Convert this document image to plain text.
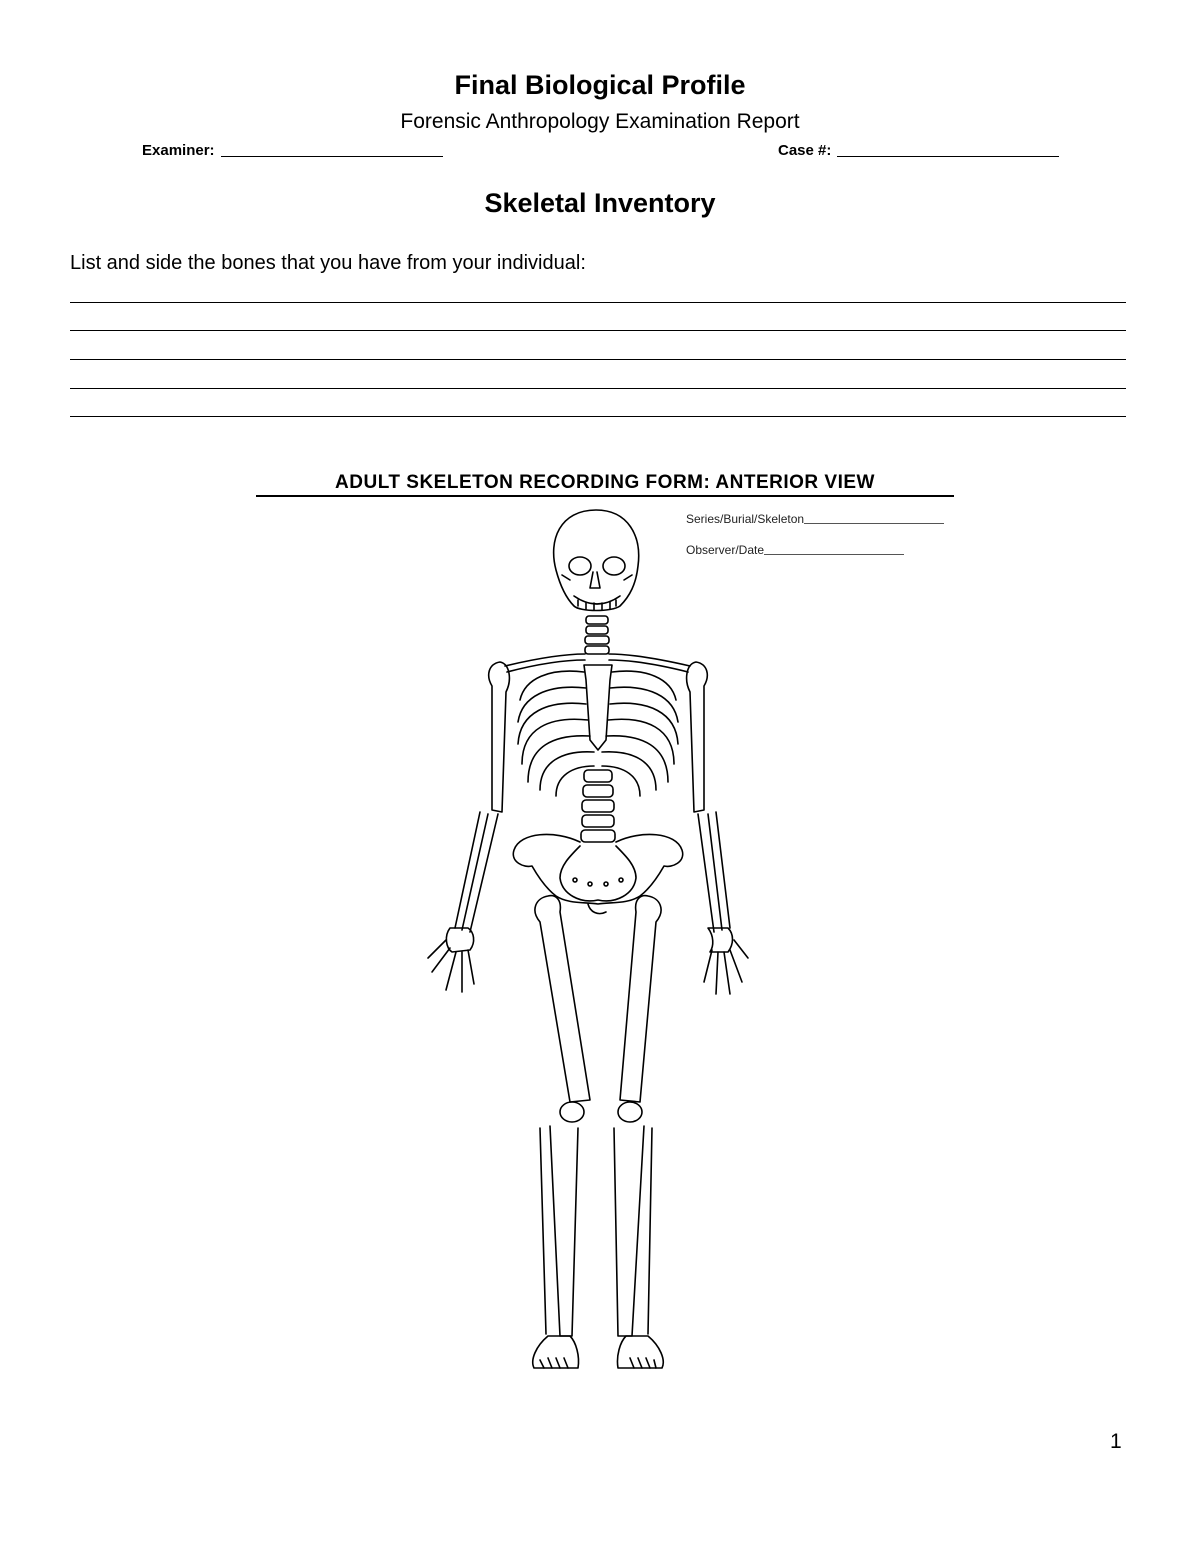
Final Biological Profile
Forensic Anthropology Examination Report
Examiner:	Case #:
Skeletal Inventory
List and side the bones that you have from your individual:
ADULT SKELETON RECORDING FORM: ANTERIOR VIEW
Series/Burial/Skeleton
Observer/Date
1
